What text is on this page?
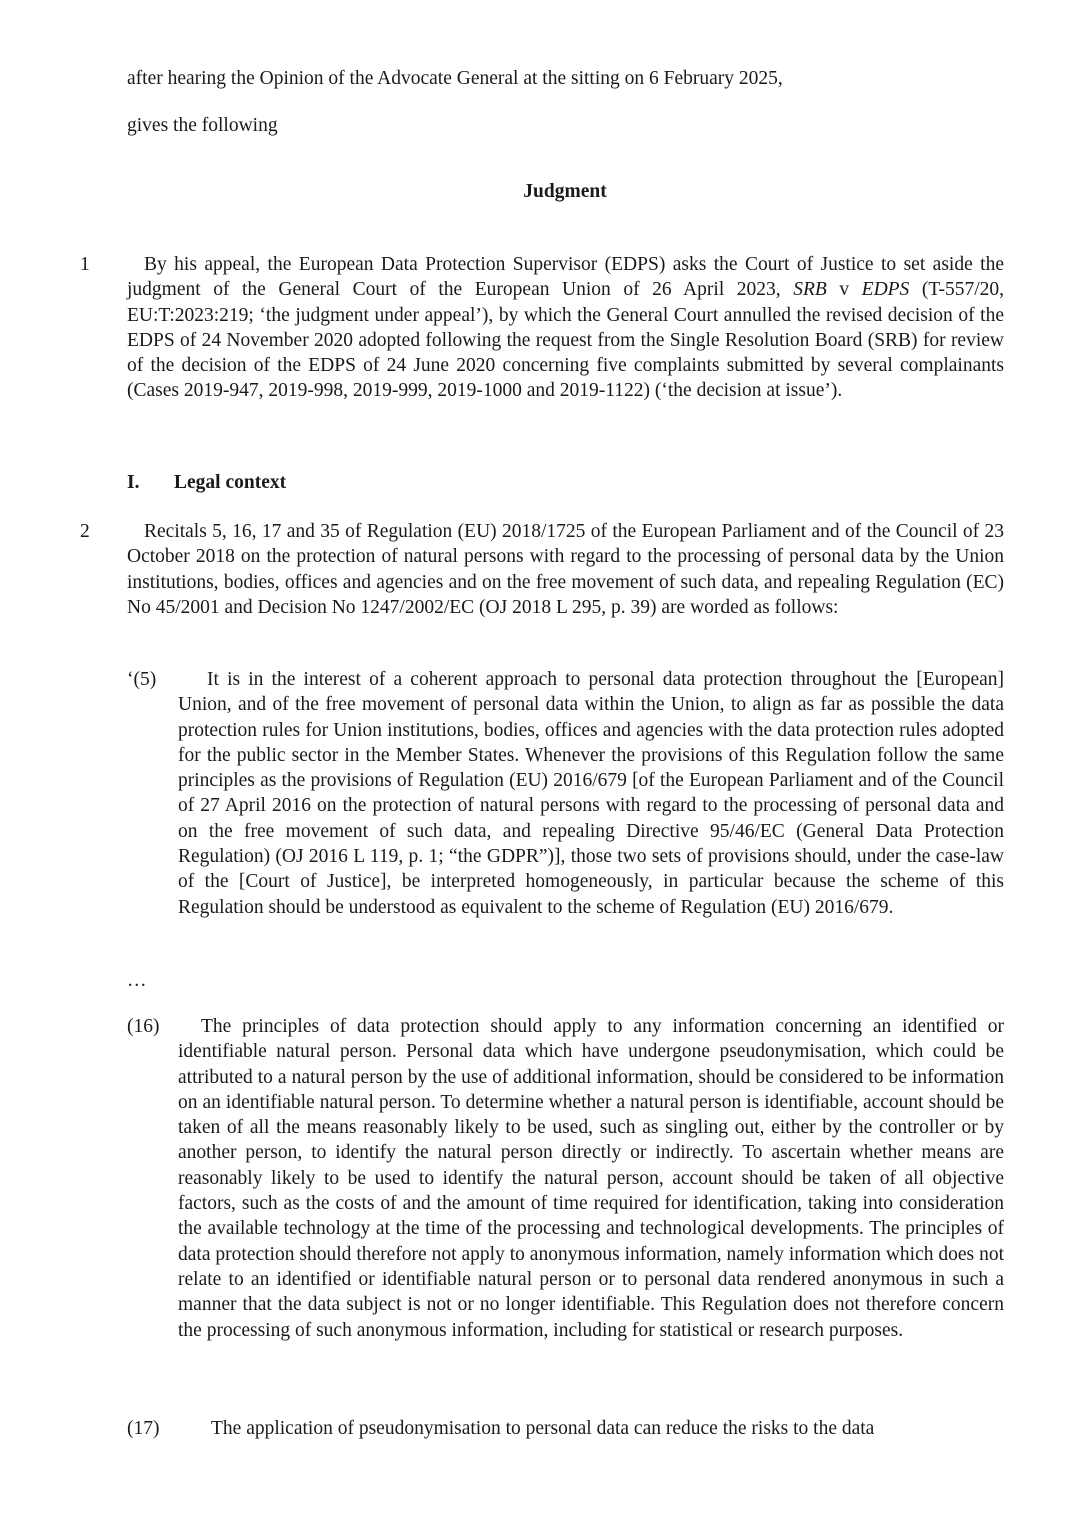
after hearing the Opinion of the Advocate General at the sitting on 6 February 2025,
gives the following
Judgment
1	By his appeal, the European Data Protection Supervisor (EDPS) asks the Court of Justice to set aside the judgment of the General Court of the European Union of 26 April 2023, SRB v EDPS (T-557/20, EU:T:2023:219; ‘the judgment under appeal’), by which the General Court annulled the revised decision of the EDPS of 24 November 2020 adopted following the request from the Single Resolution Board (SRB) for review of the decision of the EDPS of 24 June 2020 concerning five complaints submitted by several complainants (Cases 2019-947, 2019-998, 2019-999, 2019-1000 and 2019-1122) (‘the decision at issue’).
I. Legal context
2	Recitals 5, 16, 17 and 35 of Regulation (EU) 2018/1725 of the European Parliament and of the Council of 23 October 2018 on the protection of natural persons with regard to the processing of personal data by the Union institutions, bodies, offices and agencies and on the free movement of such data, and repealing Regulation (EC) No 45/2001 and Decision No 1247/2002/EC (OJ 2018 L 295, p. 39) are worded as follows:
‘(5)	It is in the interest of a coherent approach to personal data protection throughout the [European] Union, and of the free movement of personal data within the Union, to align as far as possible the data protection rules for Union institutions, bodies, offices and agencies with the data protection rules adopted for the public sector in the Member States. Whenever the provisions of this Regulation follow the same principles as the provisions of Regulation (EU) 2016/679 [of the European Parliament and of the Council of 27 April 2016 on the protection of natural persons with regard to the processing of personal data and on the free movement of such data, and repealing Directive 95/46/EC (General Data Protection Regulation) (OJ 2016 L 119, p. 1; “the GDPR”)], those two sets of provisions should, under the case-law of the [Court of Justice], be interpreted homogeneously, in particular because the scheme of this Regulation should be understood as equivalent to the scheme of Regulation (EU) 2016/679.
…
(16)	The principles of data protection should apply to any information concerning an identified or identifiable natural person. Personal data which have undergone pseudonymisation, which could be attributed to a natural person by the use of additional information, should be considered to be information on an identifiable natural person. To determine whether a natural person is identifiable, account should be taken of all the means reasonably likely to be used, such as singling out, either by the controller or by another person, to identify the natural person directly or indirectly. To ascertain whether means are reasonably likely to be used to identify the natural person, account should be taken of all objective factors, such as the costs of and the amount of time required for identification, taking into consideration the available technology at the time of the processing and technological developments. The principles of data protection should therefore not apply to anonymous information, namely information which does not relate to an identified or identifiable natural person or to personal data rendered anonymous in such a manner that the data subject is not or no longer identifiable. This Regulation does not therefore concern the processing of such anonymous information, including for statistical or research purposes.
(17)	The application of pseudonymisation to personal data can reduce the risks to the data
